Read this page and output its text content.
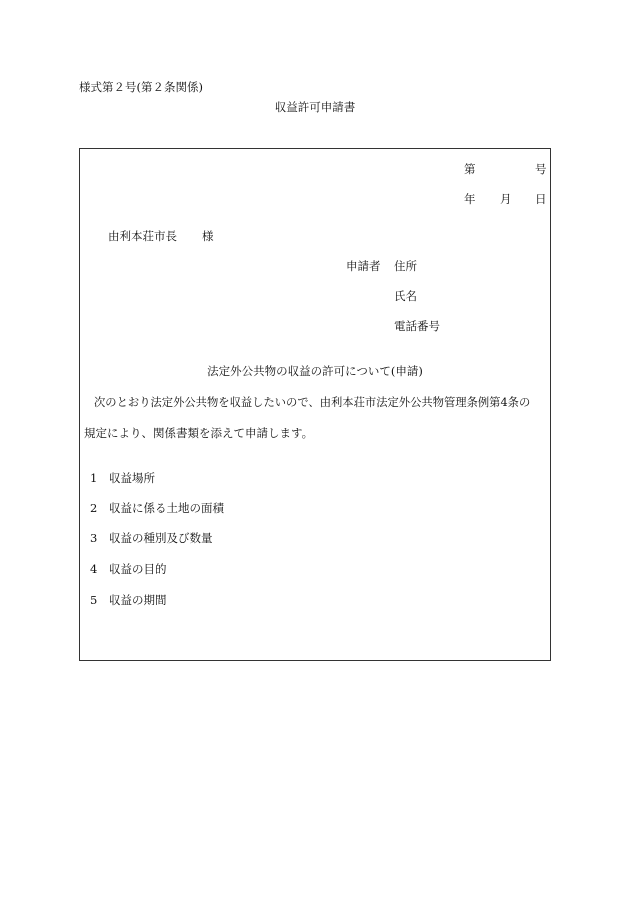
様式第２号(第２条関係)
収益許可申請書
第	号
年 月 日
由利本荘市長 様
申請者 住所
氏名
電話番号
法定外公共物の収益の許可について(申請)
次のとおり法定外公共物を収益したいので、由利本荘市法定外公共物管理条例第4条の
規定により、関係書類を添えて申請します。
1 収益場所
2 収益に係る土地の面積
3 収益の種別及び数量
4 収益の目的
5 収益の期間
